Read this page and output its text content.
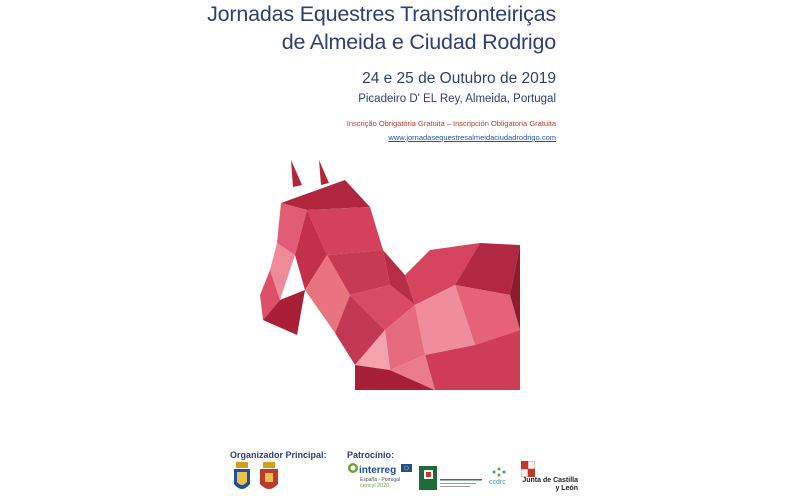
Jornadas Equestres Transfronteiriças
de Almeida e Ciudad Rodrigo
24 e 25 de Outubro de 2019
Picadeiro D' EL Rey, Almeida, Portugal
Inscrição Obrigatória Gratuita – Inscripción Obligatoria Gratuita
www.jornadasequestresalmeidaciudadrodrigo.com
Organizador Principal: Patrocínio:
interreg
España - Portugal
cencyl 2020	ccdrc	Junta de Castilla y León
